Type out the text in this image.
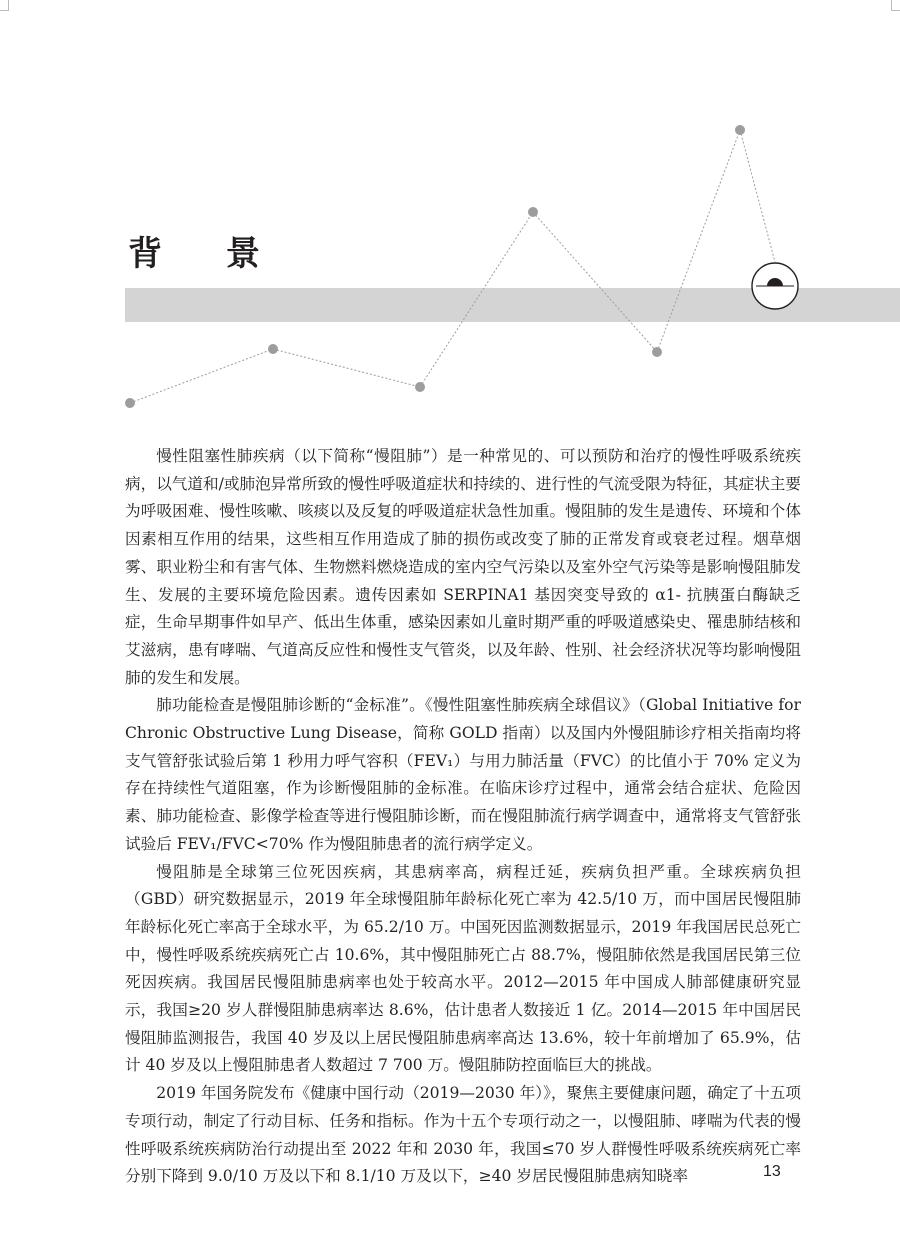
背 景

慢性阻塞性肺疾病（以下简称“慢阻肺”）是一种常见的、可以预防和治疗的慢性呼吸系统疾病，以气道和/或肺泡异常所致的慢性呼吸道症状和持续的、进行性的气流受限为特征，其症状主要为呼吸困难、慢性咳嗽、咳痰以及反复的呼吸道症状急性加重。慢阻肺的发生是遗传、环境和个体因素相互作用的结果，这些相互作用造成了肺的损伤或改变了肺的正常发育或衰老过程。烟草烟雾、职业粉尘和有害气体、生物燃料燃烧造成的室内空气污染以及室外空气污染等是影响慢阻肺发生、发展的主要环境危险因素。遗传因素如 SERPINA1 基因突变导致的 α1- 抗胰蛋白酶缺乏症，生命早期事件如早产、低出生体重，感染因素如儿童时期严重的呼吸道感染史、罹患肺结核和艾滋病，患有哮喘、气道高反应性和慢性支气管炎，以及年龄、性别、社会经济状况等均影响慢阻肺的发生和发展。

肺功能检查是慢阻肺诊断的“金标准”。《慢性阻塞性肺疾病全球倡议》（Global Initiative for Chronic Obstructive Lung Disease，简称 GOLD 指南）以及国内外慢阻肺诊疗相关指南均将支气管舒张试验后第 1 秒用力呼气容积（FEV₁）与用力肺活量（FVC）的比值小于 70% 定义为存在持续性气道阻塞，作为诊断慢阻肺的金标准。在临床诊疗过程中，通常会结合症状、危险因素、肺功能检查、影像学检查等进行慢阻肺诊断，而在慢阻肺流行病学调查中，通常将支气管舒张试验后 FEV₁/FVC<70% 作为慢阻肺患者的流行病学定义。

慢阻肺是全球第三位死因疾病，其患病率高，病程迁延，疾病负担严重。全球疾病负担（GBD）研究数据显示，2019 年全球慢阻肺年龄标化死亡率为 42.5/10 万，而中国居民慢阻肺年龄标化死亡率高于全球水平，为 65.2/10 万。中国死因监测数据显示，2019 年我国居民总死亡中，慢性呼吸系统疾病死亡占 10.6%，其中慢阻肺死亡占 88.7%，慢阻肺依然是我国居民第三位死因疾病。我国居民慢阻肺患病率也处于较高水平。2012—2015 年中国成人肺部健康研究显示，我国≥20 岁人群慢阻肺患病率达 8.6%，估计患者人数接近 1 亿。2014—2015 年中国居民慢阻肺监测报告，我国 40 岁及以上居民慢阻肺患病率高达 13.6%，较十年前增加了 65.9%，估计 40 岁及以上慢阻肺患者人数超过 7 700 万。慢阻肺防控面临巨大的挑战。

2019 年国务院发布《健康中国行动（2019—2030 年）》，聚焦主要健康问题，确定了十五项专项行动，制定了行动目标、任务和指标。作为十五个专项行动之一，以慢阻肺、哮喘为代表的慢性呼吸系统疾病防治行动提出至 2022 年和 2030 年，我国≤70 岁人群慢性呼吸系统疾病死亡率分别下降到 9.0/10 万及以下和 8.1/10 万及以下，≥40 岁居民慢阻肺患病知晓率	13
